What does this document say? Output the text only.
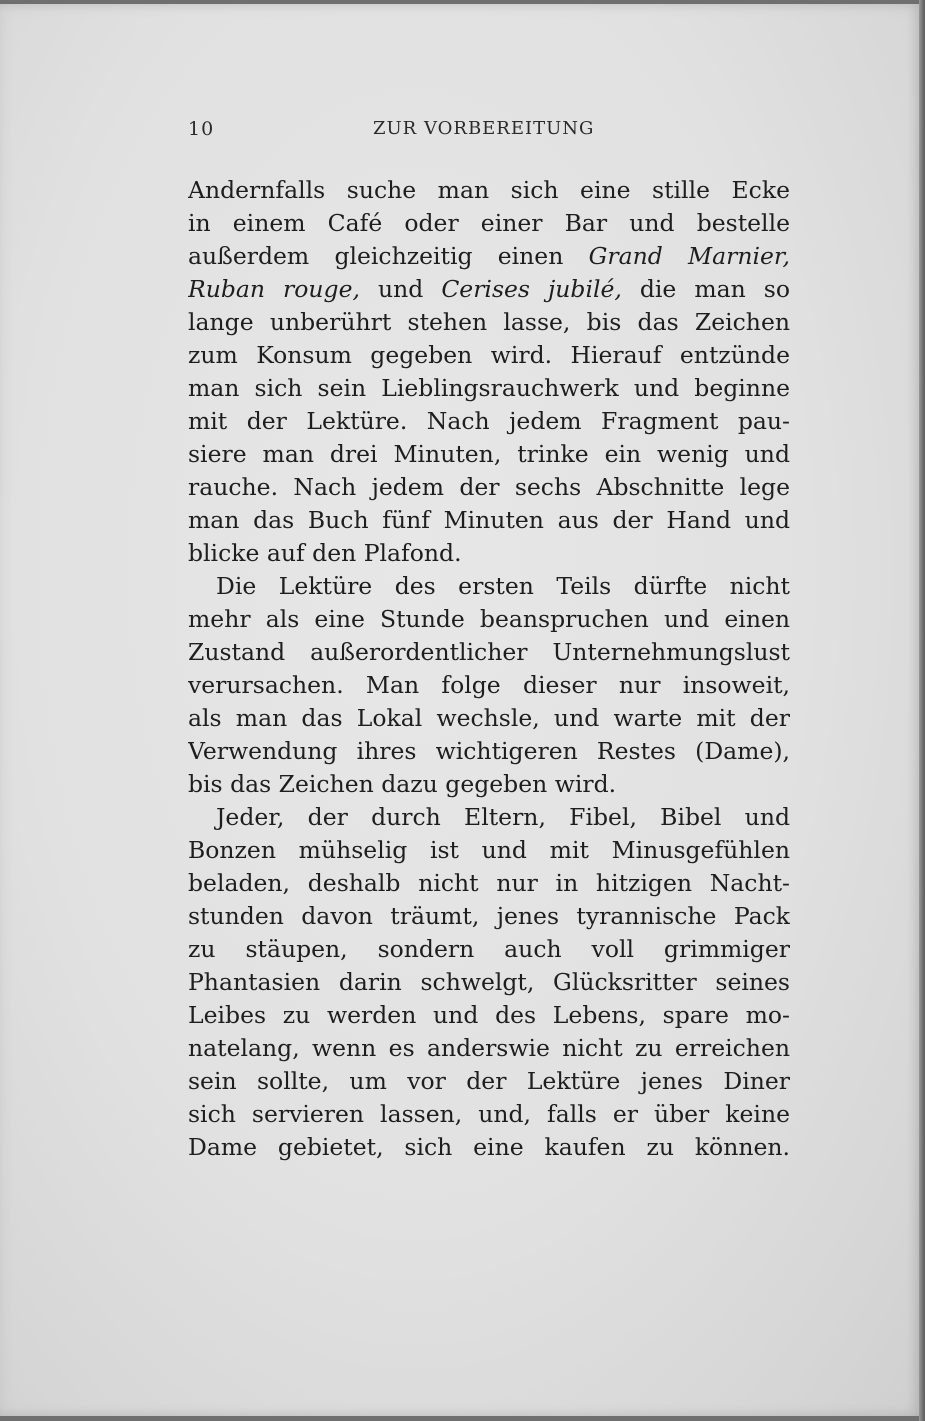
10	ZUR VORBEREITUNG
Andernfalls suche man sich eine stille Ecke
in einem Café oder einer Bar und bestelle
außerdem gleichzeitig einen Grand Marnier,
Ruban rouge, und Cerises jubilé, die man so
lange unberührt stehen lasse, bis das Zeichen
zum Konsum gegeben wird. Hierauf entzünde
man sich sein Lieblingsrauchwerk und beginne
mit der Lektüre. Nach jedem Fragment pau-
siere man drei Minuten, trinke ein wenig und
rauche. Nach jedem der sechs Abschnitte lege
man das Buch fünf Minuten aus der Hand und
blicke auf den Plafond.
Die Lektüre des ersten Teils dürfte nicht
mehr als eine Stunde beanspruchen und einen
Zustand außerordentlicher Unternehmungslust
verursachen. Man folge dieser nur insoweit,
als man das Lokal wechsle, und warte mit der
Verwendung ihres wichtigeren Restes (Dame),
bis das Zeichen dazu gegeben wird.
Jeder, der durch Eltern, Fibel, Bibel und
Bonzen mühselig ist und mit Minusgefühlen
beladen, deshalb nicht nur in hitzigen Nacht-
stunden davon träumt, jenes tyrannische Pack
zu stäupen, sondern auch voll grimmiger
Phantasien darin schwelgt, Glücksritter seines
Leibes zu werden und des Lebens, spare mo-
natelang, wenn es anderswie nicht zu erreichen
sein sollte, um vor der Lektüre jenes Diner
sich servieren lassen, und, falls er über keine
Dame gebietet, sich eine kaufen zu können.
